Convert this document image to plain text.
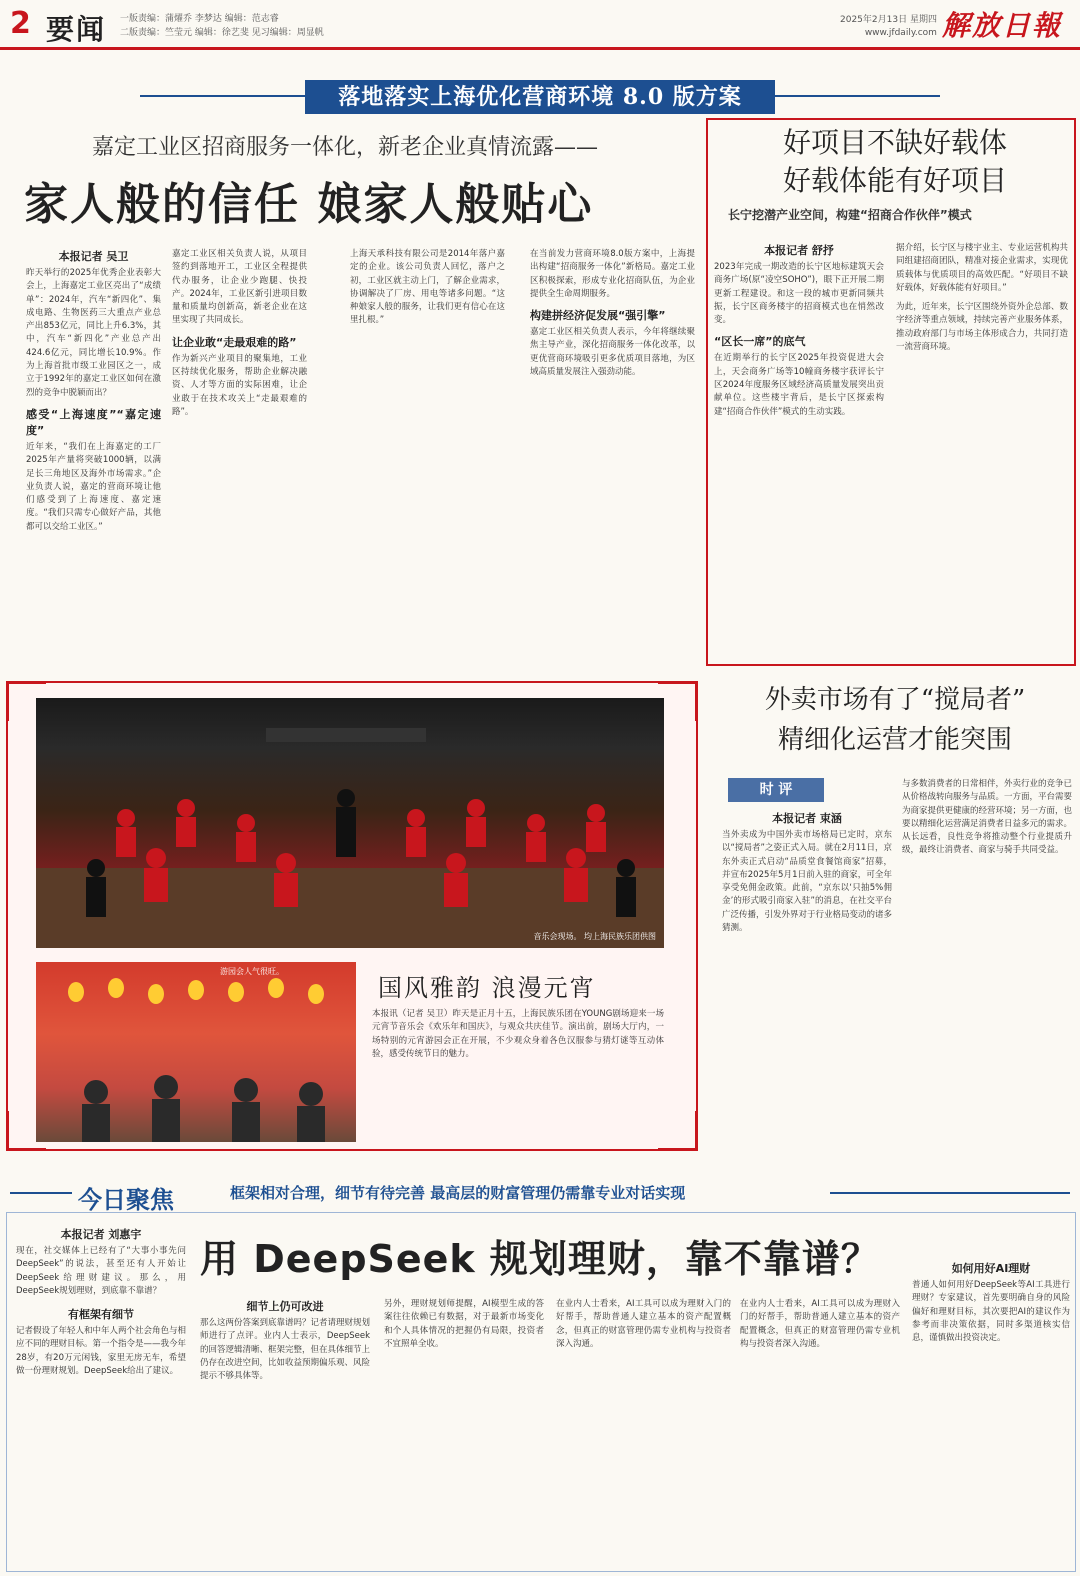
2 要闻 一版责编：蒲燿乔 李梦达 编辑：范志睿
二版责编：竺莹元 编辑：徐艺斐 见习编辑：周显帆
2025年2月13日 星期四
www.jfdaily.com 解放日報
落地落实上海优化营商环境 8.0 版方案
嘉定工业区招商服务一体化，新老企业真情流露——
家人般的信任 娘家人般贴心
本报记者 吴卫

昨天举行的2025年优秀企业表彰大会上，上海嘉定工业区亮出了“成绩单”：2024年，汽车“新四化”、集成电路、生物医药三大重点产业总产出853亿元，同比上升6.3%，其中，汽车“新四化”产业总产出424.6亿元，同比增长10.9%。作为上海首批市级工业园区之一，成立于1992年的嘉定工业区如何在激烈的竞争中脱颖而出？

感受“上海速度”“嘉定速度”

近年来，“我们在上海嘉定的工厂2025年产量将突破1000辆，以满足长三角地区及海外市场需求。”企业负责人说，嘉定的营商环境让他们感受到了上海速度、嘉定速度。“我们只需专心做好产品，其他都可以交给工业区。”

嘉定工业区相关负责人说，从项目签约到落地开工，工业区全程提供代办服务，让企业少跑腿、快投产。2024年，工业区新引进项目数量和质量均创新高，新老企业在这里实现了共同成长。

让企业敢“走最艰难的路”

作为新兴产业项目的聚集地，工业区持续优化服务，帮助企业解决融资、人才等方面的实际困难，让企业敢于在技术攻关上“走最艰难的路”。

上海天承科技有限公司是2014年落户嘉定的企业。该公司负责人回忆，落户之初，工业区就主动上门，了解企业需求，协调解决了厂房、用电等诸多问题。“这种娘家人般的服务，让我们更有信心在这里扎根。”

在当前发力营商环境8.0版方案中，上海提出构建“招商服务一体化”新格局。嘉定工业区积极探索，形成专业化招商队伍，为企业提供全生命周期服务。

构建拼经济促发展“强引擎”

嘉定工业区相关负责人表示，今年将继续聚焦主导产业，深化招商服务一体化改革，以更优营商环境吸引更多优质项目落地，为区域高质量发展注入强劲动能。

好项目不缺好载体
好载体能有好项目
长宁挖潜产业空间，构建“招商合作伙伴”模式
本报记者 舒抒

2023年完成一期改造的长宁区地标建筑天会商务广场(原“凌空SOHO”)，眼下正开展二期更新工程建设。和这一段的城市更新同频共振，长宁区商务楼宇的招商模式也在悄然改变。

“区长一席”的底气

在近期举行的长宁区2025年投资促进大会上，天会商务广场等10幢商务楼宇获评长宁区2024年度服务区域经济高质量发展突出贡献单位。这些楼宇背后，是长宁区探索构建“招商合作伙伴”模式的生动实践。

据介绍，长宁区与楼宇业主、专业运营机构共同组建招商团队，精准对接企业需求，实现优质载体与优质项目的高效匹配。“好项目不缺好载体，好载体能有好项目。”

为此，近年来，长宁区围绕外资外企总部、数字经济等重点领域，持续完善产业服务体系，推动政府部门与市场主体形成合力，共同打造一流营商环境。

音乐会现场。 均上海民族乐团供图
游园会人气很旺。
国风雅韵 浪漫元宵
本报讯（记者 吴卫）昨天是正月十五，上海民族乐团在YOUNG剧场迎来一场元宵节音乐会《欢乐年和国庆》，与观众共庆佳节。演出前，剧场大厅内，一场特别的元宵游园会正在开展，不少观众身着各色汉服参与猜灯谜等互动体验，感受传统节日的魅力。
外卖市场有了“搅局者”
精细化运营才能突围
时 评
本报记者 束涵

当外卖成为中国外卖市场格局已定时，京东以“搅局者”之姿正式入局。就在2月11日，京东外卖正式启动“品质堂食餐馆商家”招募，并宣布2025年5月1日前入驻的商家，可全年享受免佣金政策。此前，“京东以‘只抽5%佣金’的形式吸引商家入驻”的消息，在社交平台广泛传播，引发外界对于行业格局变动的诸多猜测。

与多数消费者的日常相伴，外卖行业的竞争已从价格战转向服务与品质。一方面，平台需要为商家提供更健康的经营环境；另一方面，也要以精细化运营满足消费者日益多元的需求。从长远看，良性竞争将推动整个行业提质升级，最终让消费者、商家与骑手共同受益。
今日聚焦	框架相对合理，细节有待完善 最高层的财富管理仍需靠专业对话实现
用 DeepSeek 规划理财，靠不靠谱？
本报记者 刘惠宇

现在，社交媒体上已经有了“大事小事先问DeepSeek”的说法，甚至还有人开始让DeepSeek给理财建议。那么，用DeepSeek规划理财，到底靠不靠谱？

有框架有细节

记者假设了年轻人和中年人两个社会角色与相应不同的理财目标。第一个指令是——我今年28岁，有20万元闲钱，家里无房无车，希望做一份理财规划。DeepSeek给出了建议。

细节上仍可改进

那么这两份答案到底靠谱吗？记者请理财规划师进行了点评。业内人士表示，DeepSeek的回答逻辑清晰、框架完整，但在具体细节上仍存在改进空间，比如收益预期偏乐观、风险提示不够具体等。

另外，理财规划师提醒，AI模型生成的答案往往依赖已有数据，对于最新市场变化和个人具体情况的把握仍有局限，投资者不宜照单全收。
在业内人士看来，AI工具可以成为理财入门的好帮手，帮助普通人建立基本的资产配置概念，但真正的财富管理仍需专业机构与投资者深入沟通。
在业内人士看来，AI工具可以成为理财入门的好帮手，帮助普通人建立基本的资产配置概念，但真正的财富管理仍需专业机构与投资者深入沟通。
如何用好AI理财

普通人如何用好DeepSeek等AI工具进行理财？专家建议，首先要明确自身的风险偏好和理财目标，其次要把AI的建议作为参考而非决策依据，同时多渠道核实信息，谨慎做出投资决定。
